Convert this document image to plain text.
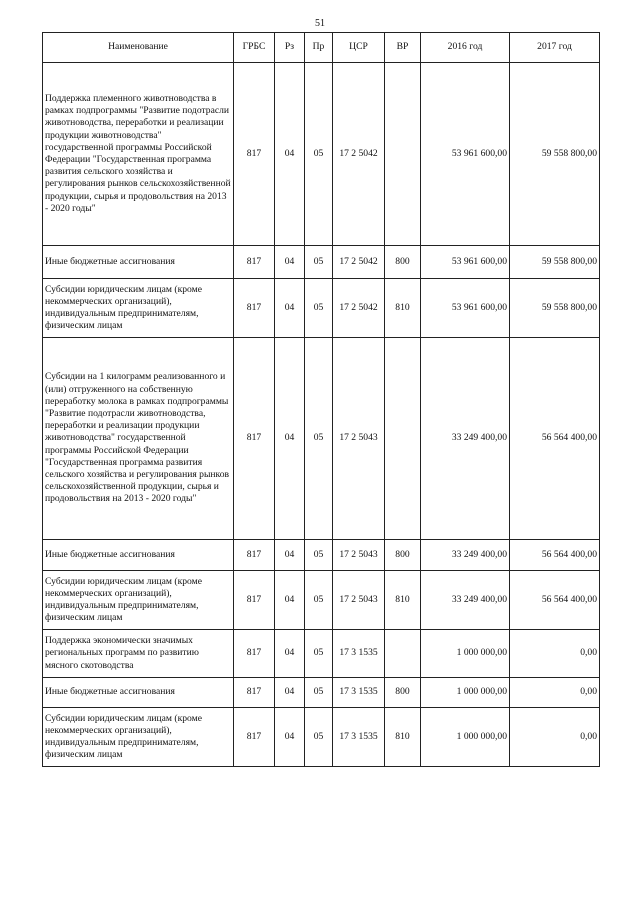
51
Наименование	ГРБС	Рз	Пр	ЦСР	ВР	2016 год	2017 год
Поддержка племенного животноводства в рамках подпрограммы "Развитие подотрасли животноводства, переработки и реализации продукции животноводства" государственной программы Российской Федерации "Государственная программа развития сельского хозяйства и регулирования рынков сельскохозяйственной продукции, сырья и продовольствия на 2013 - 2020 годы"	817	04	05	17 2 5042		53 961 600,00	59 558 800,00
Иные бюджетные ассигнования	817	04	05	17 2 5042	800	53 961 600,00	59 558 800,00
Субсидии юридическим лицам (кроме некоммерческих организаций), индивидуальным предпринимателям, физическим лицам	817	04	05	17 2 5042	810	53 961 600,00	59 558 800,00
Субсидии на 1 килограмм реализованного и (или) отгруженного на собственную переработку молока в рамках подпрограммы "Развитие подотрасли животноводства, переработки и реализации продукции животноводства" государственной программы Российской Федерации "Государственная программа развития сельского хозяйства и регулирования рынков сельскохозяйственной продукции, сырья и продовольствия на 2013 - 2020 годы"	817	04	05	17 2 5043		33 249 400,00	56 564 400,00
Иные бюджетные ассигнования	817	04	05	17 2 5043	800	33 249 400,00	56 564 400,00
Субсидии юридическим лицам (кроме некоммерческих организаций), индивидуальным предпринимателям, физическим лицам	817	04	05	17 2 5043	810	33 249 400,00	56 564 400,00
Поддержка экономически значимых региональных программ по развитию мясного скотоводства	817	04	05	17 3 1535		1 000 000,00	0,00
Иные бюджетные ассигнования	817	04	05	17 3 1535	800	1 000 000,00	0,00
Субсидии юридическим лицам (кроме некоммерческих организаций), индивидуальным предпринимателям, физическим лицам	817	04	05	17 3 1535	810	1 000 000,00	0,00
